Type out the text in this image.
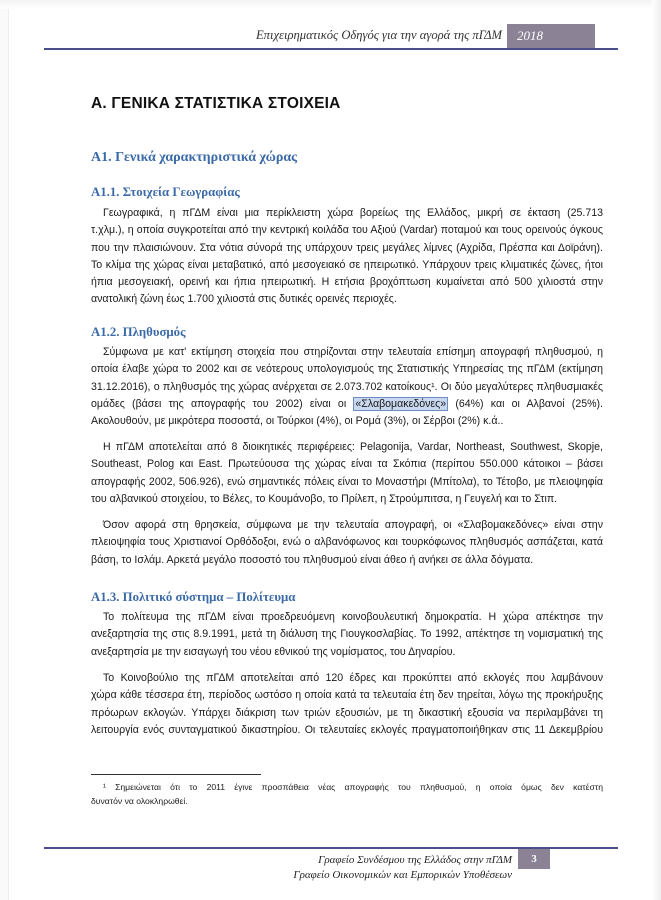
Επιχειρηματικός Οδηγός για την αγορά της πΓΔΜ	2018
Α. ΓΕΝΙΚΑ ΣΤΑΤΙΣΤΙΚΑ ΣΤΟΙΧΕΙΑ
Α1. Γενικά χαρακτηριστικά χώρας
Α1.1. Στοιχεία Γεωγραφίας
Γεωγραφικά, η πΓΔΜ είναι μια περίκλειστη χώρα βορείως της Ελλάδος, μικρή σε έκταση (25.713
τ.χλμ.), η οποία συγκροτείται από την κεντρική κοιλάδα του Αξιού (Vardar) ποταμού και τους ορεινούς όγκους
που την πλαισιώνουν. Στα νότια σύνορά της υπάρχουν τρεις μεγάλες λίμνες (Αχρίδα, Πρέσπα και Δοϊράνη).
Το κλίμα της χώρας είναι μεταβατικό, από μεσογειακό σε ηπειρωτικό. Υπάρχουν τρεις κλιματικές ζώνες, ήτοι
ήπια μεσογειακή, ορεινή και ήπια ηπειρωτική. Η ετήσια βροχόπτωση κυμαίνεται από 500 χιλιοστά στην
ανατολική ζώνη έως 1.700 χιλιοστά στις δυτικές ορεινές περιοχές.
Α1.2. Πληθυσμός
Σύμφωνα με κατ' εκτίμηση στοιχεία που στηρίζονται στην τελευταία επίσημη απογραφή πληθυσμού, η
οποία έλαβε χώρα το 2002 και σε νεότερους υπολογισμούς της Στατιστικής Υπηρεσίας της πΓΔΜ (εκτίμηση
31.12.2016), ο πληθυσμός της χώρας ανέρχεται σε 2.073.702 κατοίκους¹. Οι δύο μεγαλύτερες πληθυσμιακές
ομάδες (βάσει της απογραφής του 2002) είναι οι «Σλαβομακεδόνες» (64%) και οι Αλβανοί (25%).
Ακολουθούν, με μικρότερα ποσοστά, οι Τούρκοι (4%), οι Ρομά (3%), οι Σέρβοι (2%) κ.ά..
Η πΓΔΜ αποτελείται από 8 διοικητικές περιφέρειες: Pelagonija, Vardar, Northeast, Southwest, Skopje,
Southeast, Polog και East. Πρωτεύουσα της χώρας είναι τα Σκόπια (περίπου 550.000 κάτοικοι – βάσει
απογραφής 2002, 506.926), ενώ σημαντικές πόλεις είναι το Μοναστήρι (Μπίτολα), το Τέτοβο, με πλειοψηφία
του αλβανικού στοιχείου, το Βέλες, το Κουμάνοβο, το Πρίλεπ, η Στρούμπιτσα, η Γευγελή και το Στιπ.
Όσον αφορά στη θρησκεία, σύμφωνα με την τελευταία απογραφή, οι «Σλαβομακεδόνες» είναι στην
πλειοψηφία τους Χριστιανοί Ορθόδοξοι, ενώ ο αλβανόφωνος και τουρκόφωνος πληθυσμός ασπάζεται, κατά
βάση, το Ισλάμ. Αρκετά μεγάλο ποσοστό του πληθυσμού είναι άθεο ή ανήκει σε άλλα δόγματα.
Α1.3. Πολιτικό σύστημα – Πολίτευμα
Το πολίτευμα της πΓΔΜ είναι προεδρευόμενη κοινοβουλευτική δημοκρατία. Η χώρα απέκτησε την
ανεξαρτησία της στις 8.9.1991, μετά τη διάλυση της Γιουγκοσλαβίας. Το 1992, απέκτησε τη νομισματική της
ανεξαρτησία με την εισαγωγή του νέου εθνικού της νομίσματος, του Δηναρίου.
Το Κοινοβούλιο της πΓΔΜ αποτελείται από 120 έδρες και προκύπτει από εκλογές που λαμβάνουν
χώρα κάθε τέσσερα έτη, περίοδος ωστόσο η οποία κατά τα τελευταία έτη δεν τηρείται, λόγω της προκήρυξης
πρόωρων εκλογών. Υπάρχει διάκριση των τριών εξουσιών, με τη δικαστική εξουσία να περιλαμβάνει τη
λειτουργία ενός συνταγματικού δικαστηρίου. Οι τελευταίες εκλογές πραγματοποιήθηκαν στις 11 Δεκεμβρίου
¹ Σημειώνεται ότι το 2011 έγινε προσπάθεια νέας απογραφής του πληθυσμού, η οποία όμως δεν κατέστη
δυνατόν να ολοκληρωθεί.
Γραφείο Συνδέσμου της Ελλάδος στην πΓΔΜ
Γραφείο Οικονομικών και Εμπορικών Υποθέσεων
3
